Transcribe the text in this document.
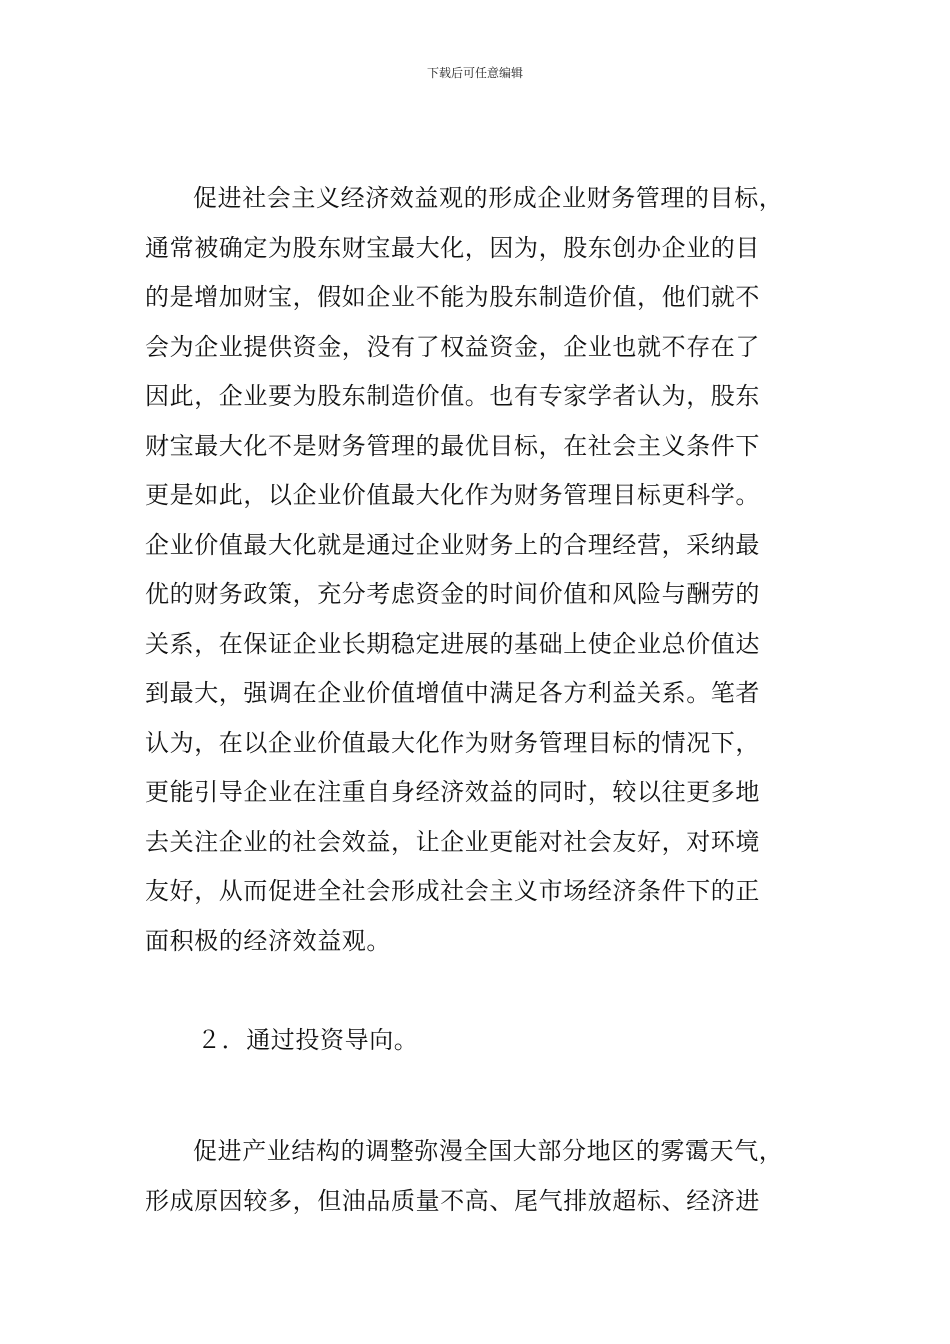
下载后可任意编辑
促进社会主义经济效益观的形成企业财务管理的目标，
通常被确定为股东财宝最大化，因为，股东创办企业的目
的是增加财宝，假如企业不能为股东制造价值，他们就不
会为企业提供资金，没有了权益资金，企业也就不存在了
因此，企业要为股东制造价值。也有专家学者认为，股东
财宝最大化不是财务管理的最优目标，在社会主义条件下
更是如此，以企业价值最大化作为财务管理目标更科学。
企业价值最大化就是通过企业财务上的合理经营，采纳最
优的财务政策，充分考虑资金的时间价值和风险与酬劳的
关系，在保证企业长期稳定进展的基础上使企业总价值达
到最大，强调在企业价值增值中满足各方利益关系。笔者
认为，在以企业价值最大化作为财务管理目标的情况下，
更能引导企业在注重自身经济效益的同时，较以往更多地
去关注企业的社会效益，让企业更能对社会友好，对环境
友好，从而促进全社会形成社会主义市场经济条件下的正
面积极的经济效益观。
２．通过投资导向。
促进产业结构的调整弥漫全国大部分地区的雾霭天气，
形成原因较多，但油品质量不高、尾气排放超标、经济进
